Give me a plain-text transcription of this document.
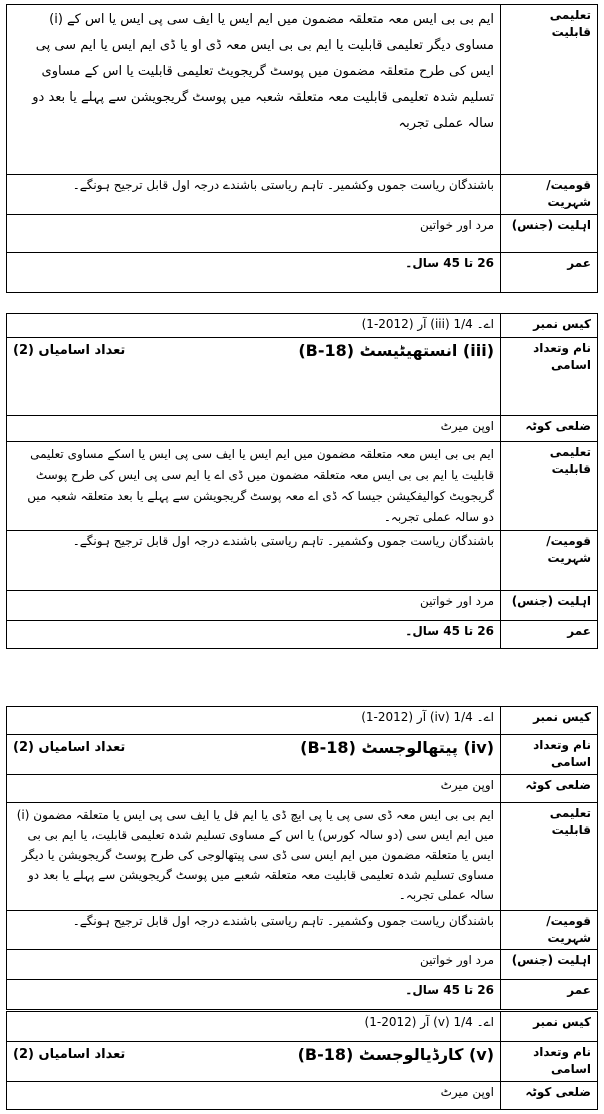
تعلیمی قابلیت	(i) ایم بی بی ایس معہ متعلقہ مضمون میں ایم ایس یا ایف سی پی ایس یا اس کے مساوی دیگر تعلیمی قابلیت یا ایم بی بی ایس معہ ڈی او یا ڈی ایم ایس یا ایم سی پی ایس کی طرح متعلقہ مضمون میں پوسٹ گریجویٹ تعلیمی قابلیت یا اس کے مساوی تسلیم شدہ تعلیمی قابلیت معہ متعلقہ شعبہ میں پوسٹ گریجویشن سے پہلے یا بعد دو سالہ عملی تجربہ
قومیت/شہریت	باشندگان ریاست جموں وکشمیر۔ تاہم ریاستی باشندے درجہ اول قابل ترجیح ہونگے۔
اہلیت (جنس)	مرد اور خواتین
عمر	26 تا 45 سال۔
کیس نمبر	اے۔ 1/4 (iii) آر (2012-1)
نام وتعداد اسامی	(iii) انستھیٹیسٹ (B-18)
تعداد اسامیاں (2)

ضلعی کوٹہ	اوپن میرٹ
تعلیمی قابلیت	ایم بی بی ایس معہ متعلقہ مضمون میں ایم ایس یا ایف سی پی ایس یا اسکے مساوی تعلیمی قابلیت یا ایم بی بی ایس معہ متعلقہ مضمون میں ڈی اے یا ایم سی پی ایس کی طرح پوسٹ گریجویٹ کوالیفکیشن جیسا کہ ڈی اے معہ پوسٹ گریجویشن سے پہلے یا بعد متعلقہ شعبہ میں دو سالہ عملی تجربہ۔
قومیت/شہریت	باشندگان ریاست جموں وکشمیر۔ تاہم ریاستی باشندے درجہ اول قابل ترجیح ہونگے۔
اہلیت (جنس)	مرد اور خواتین
عمر	26 تا 45 سال۔
کیس نمبر	اے۔ 1/4 (iv) آر (2012-1)
نام وتعداد اسامی	(iv) پیتھالوجسٹ (B-18)
تعداد اسامیاں (2)

ضلعی کوٹہ	اوپن میرٹ
تعلیمی قابلیت	(i) ایم بی بی ایس معہ ڈی سی پی یا پی ایچ ڈی یا ایم فل یا ایف سی پی ایس یا متعلقہ مضمون میں ایم ایس سی (دو سالہ کورس) یا اس کے مساوی تسلیم شدہ تعلیمی قابلیت، یا ایم بی بی ایس یا متعلقہ مضمون میں ایم ایس سی ڈی سی پیتھالوجی کی طرح پوسٹ گریجویشن یا دیگر مساوی تسلیم شدہ تعلیمی قابلیت معہ متعلقہ شعبے میں پوسٹ گریجویشن سے پہلے یا بعد دو سالہ عملی تجربہ۔
قومیت/شہریت	باشندگان ریاست جموں وکشمیر۔ تاہم ریاستی باشندے درجہ اول قابل ترجیح ہونگے۔
اہلیت (جنس)	مرد اور خواتین
عمر	26 تا 45 سال۔
کیس نمبر	اے۔ 1/4 (v) آر (2012-1)
نام وتعداد اسامی	(v) کارڈیالوجسٹ (B-18)
تعداد اسامیاں (2)

ضلعی کوٹہ	اوپن میرٹ
